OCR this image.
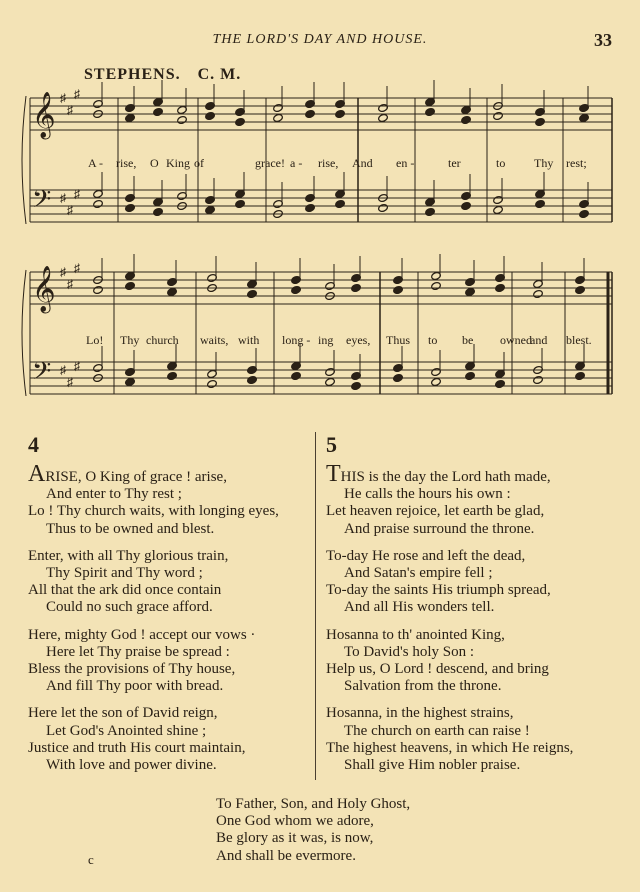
THE LORD'S DAY AND HOUSE.	33
STEPHENS. C. M.
𝄞 ♯
♯
♯
𝄢 ♯
♯
♯
𝄞 ♯
♯
♯
𝄢 ♯
♯
♯
A - rise, O King of	grace! a - rise, And en -	ter	to Thy rest;
Lo! Thy church waits, with long - ing eyes, Thus to be owned
and blest.
4
ARISE, O King of grace ! arise,
And enter to Thy rest ;
Lo ! Thy church waits, with longing eyes,
Thus to be owned and blest.
Enter, with all Thy glorious train,
Thy Spirit and Thy word ;
All that the ark did once contain
Could no such grace afford.
Here, mighty God ! accept our vows ·
Here let Thy praise be spread :
Bless the provisions of Thy house,
And fill Thy poor with bread.
Here let the son of David reign,
Let God's Anointed shine ;
Justice and truth His court maintain,
With love and power divine.
5
THIS is the day the Lord hath made,
He calls the hours his own :
Let heaven rejoice, let earth be glad,
And praise surround the throne.
To-day He rose and left the dead,
And Satan's empire fell ;
To-day the saints His triumph spread,
And all His wonders tell.
Hosanna to th' anointed King,
To David's holy Son :
Help us, O Lord ! descend, and bring
Salvation from the throne.
Hosanna, in the highest strains,
The church on earth can raise !
The highest heavens, in which He reigns,
Shall give Him nobler praise.
To Father, Son, and Holy Ghost,
One God whom we adore,
Be glory as it was, is now,
And shall be evermore.
c
